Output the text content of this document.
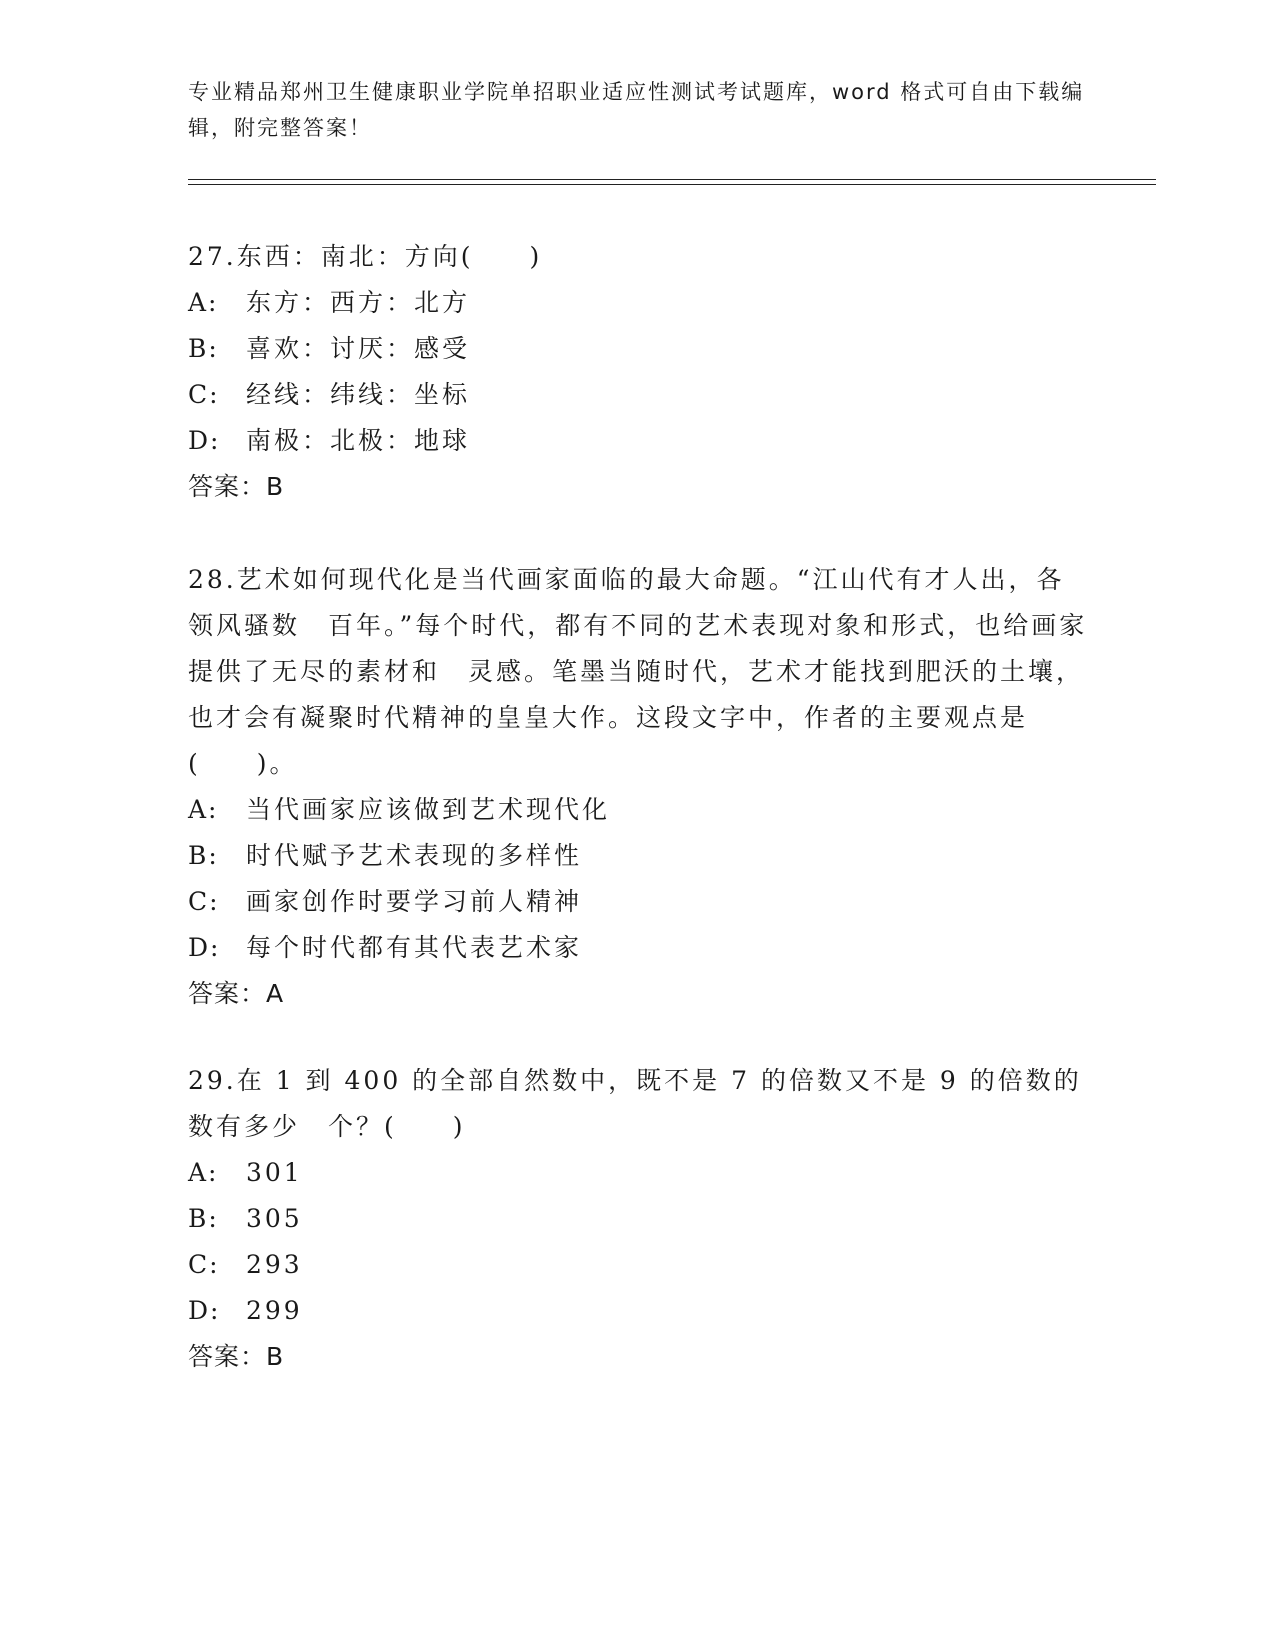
专业精品郑州卫生健康职业学院单招职业适应性测试考试题库，word 格式可自由下载编辑，附完整答案！

27.东西：南北：方向(　　)

A: 东方：西方：北方
B: 喜欢：讨厌：感受
C: 经线：纬线：坐标
D: 南极：北极：地球
答案：B

28.艺术如何现代化是当代画家面临的最大命题。“江山代有才人出，各领风骚数　百年。”每个时代，都有不同的艺术表现对象和形式，也给画家提供了无尽的素材和　灵感。笔墨当随时代，艺术才能找到肥沃的土壤，也才会有凝聚时代精神的皇皇大作。这段文字中，作者的主要观点是(　　)。

A: 当代画家应该做到艺术现代化
B: 时代赋予艺术表现的多样性
C: 画家创作时要学习前人精神
D: 每个时代都有其代表艺术家
答案：A

29.在 1 到 400 的全部自然数中，既不是 7 的倍数又不是 9 的倍数的数有多少　个？(　　)

A: 301
B: 305
C: 293
D: 299
答案：B
